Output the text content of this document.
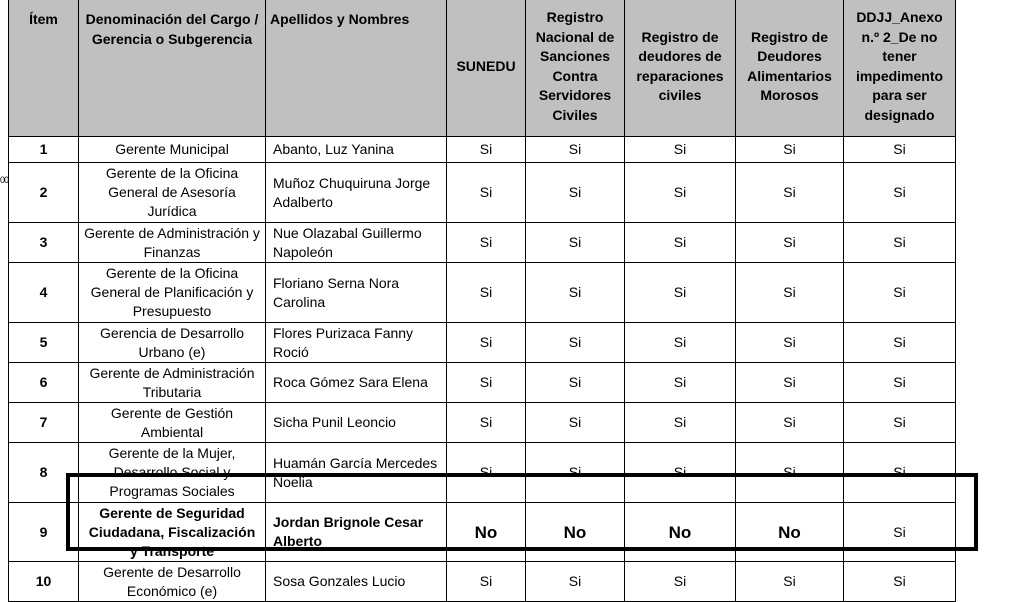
00
Ítem	Denominación del Cargo / Gerencia o Subgerencia	Apellidos y Nombres	SUNEDU	Registro Nacional de Sanciones Contra Servidores Civiles	Registro de deudores de reparaciones civiles	Registro de Deudores Alimentarios Morosos	DDJJ_Anexo n.º 2_De no tener impedimento para ser designado
1	Gerente Municipal	Abanto, Luz Yanina	Si	Si	Si	Si	Si
2	Gerente de la Oficina General de Asesoría Jurídica	Muñoz Chuquiruna Jorge Adalberto	Si	Si	Si	Si	Si
3	Gerente de Administración y Finanzas	Nue Olazabal Guillermo Napoleón	Si	Si	Si	Si	Si
4	Gerente de la Oficina General de Planificación y Presupuesto	Floriano Serna Nora Carolina	Si	Si	Si	Si	Si
5	Gerencia de Desarrollo Urbano (e)	Flores Purizaca Fanny Roció	Si	Si	Si	Si	Si
6	Gerente de Administración Tributaria	Roca Gómez Sara Elena	Si	Si	Si	Si	Si
7	Gerente de Gestión Ambiental	Sicha Punil Leoncio	Si	Si	Si	Si	Si
8	Gerente de la Mujer, Desarrollo Social y Programas Sociales	Huamán García Mercedes Noelia	Si	Si	Si	Si	Si
9	Gerente de Seguridad Ciudadana, Fiscalización y Transporte	Jordan Brignole Cesar Alberto	No	No	No	No	Si
10	Gerente de Desarrollo Económico (e)	Sosa Gonzales Lucio	Si	Si	Si	Si	Si
